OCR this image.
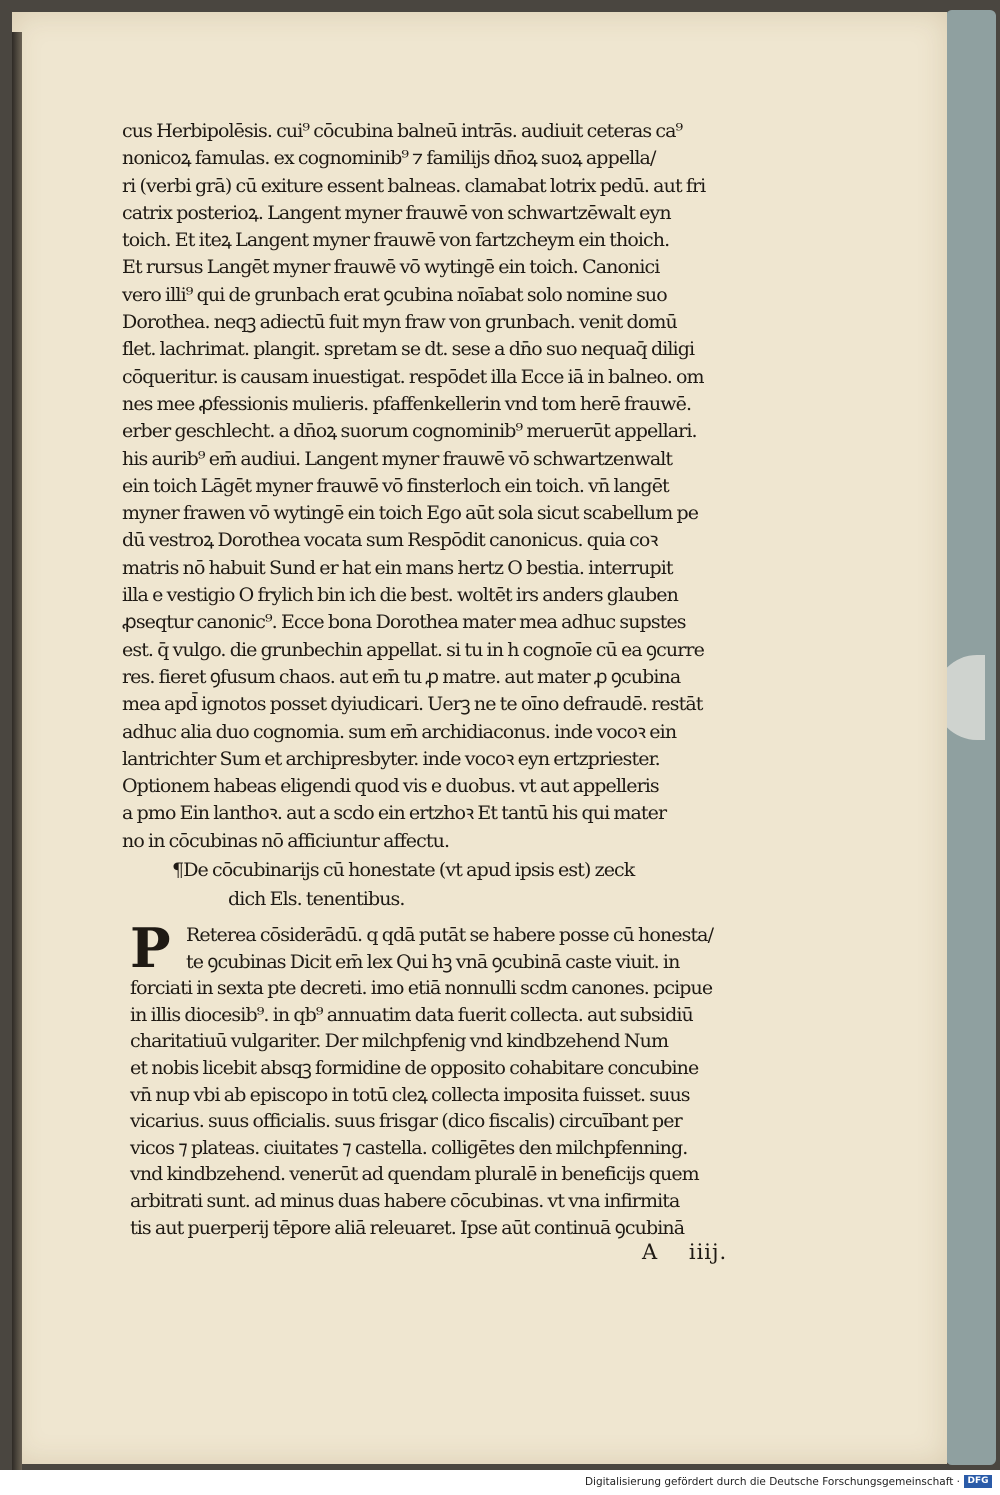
cus Herbipolēsis. cui⁹ cōcubina balneū intrās. audiuit ceteras ca⁹
nonicoꝝ famulas. ex cognominib⁹ ⁊ familijs dn̄oꝝ suoꝝ appella/
ri (verbi grā) cū exiture essent balneas. clamabat lotrix pedū. aut fri
catrix posterioꝝ. Langent myner frauwē von schwartzēwalt eyn
toich. Et iteꝝ Langent myner frauwē von fartzcheym ein thoich.
Et rursus Langēt myner frauwē vō wytingē ein toich. Canonici
vero illi⁹ qui de grunbach erat ꝯcubina noīabat solo nomine suo
Dorothea. neqꝫ adiectū fuit myn fraw von grunbach. venit domū
flet. lachrimat. plangit. spretam se dt. sese a dn̄o suo nequaq̄ diligi
cōqueritur. is causam inuestigat. respōdet illa Ecce iā in balneo. om
nes mee ꝓfessionis mulieris. pfaffenkellerin vnd tom herē frauwē.
erber geschlecht. a dn̄oꝝ suorum cognominib⁹ meruerūt appellari.
his aurib⁹ em̄ audiui. Langent myner frauwē vō schwartzenwalt
ein toich Lāgēt myner frauwē vō finsterloch ein toich. vn̄ langēt
myner frawen vō wytingē ein toich Ego aūt sola sicut scabellum pe
dū vestroꝝ Dorothea vocata sum Respōdit canonicus. quia coꝛ
matris nō habuit Sund er hat ein mans hertz O bestia. interrupit
illa e vestigio O frylich bin ich die best. woltēt irs anders glauben
ꝓseqtur canonic⁹. Ecce bona Dorothea mater mea adhuc supstes
est. q̄ vulgo. die grunbechin appellat. si tu in h cognoīe cū ea ꝯcurre
res. fieret ꝯfusum chaos. aut em̄ tu ꝓ matre. aut mater ꝓ ꝯcubina
mea apd̄ ignotos posset dyiudicari. Uerꝫ ne te oīno defraudē. restāt
adhuc alia duo cognomia. sum em̄ archidiaconus. inde vocoꝛ ein
lantrichter Sum et archipresbyter. inde vocoꝛ eyn ertzpriester.
Optionem habeas eligendi quod vis e duobus. vt aut appelleris
a pmo Ein lanthoꝛ. aut a scdo ein ertzhoꝛ Et tantū his qui mater
no in cōcubinas nō afficiuntur affectu.
¶De cōcubinarijs cū honestate (vt apud ipsis est) zeck
dich Els. tenentibus.
Reterea cōsiderādū. q qdā putāt se habere posse cū honesta/
te ꝯcubinas Dicit em̄ lex Qui hꝫ vnā ꝯcubinā caste viuit. in
forciati in sexta pte decreti. imo etiā nonnulli scdm canones. pcipue
in illis diocesib⁹. in qb⁹ annuatim data fuerit collecta. aut subsidiū
charitatiuū vulgariter. Der milchpfenig vnd kindbzehend Num
et nobis licebit absqꝫ formidine de opposito cohabitare concubine
vn̄ nup vbi ab episcopo in totū cleꝝ collecta imposita fuisset. suus
vicarius. suus officialis. suus frisgar (dico fiscalis) circuībant per
vicos ⁊ plateas. ciuitates ⁊ castella. colligētes den milchpfenning.
vnd kindbzehend. venerūt ad quendam pluralē in beneficijs quem
arbitrati sunt. ad minus duas habere cōcubinas. vt vna infirmita
tis aut puerperij tēpore aliā releuaret. Ipse aūt continuā ꝯcubinā
P
A    iiij.
Digitalisierung gefördert durch die Deutsche Forschungsgemeinschaft · DFG
